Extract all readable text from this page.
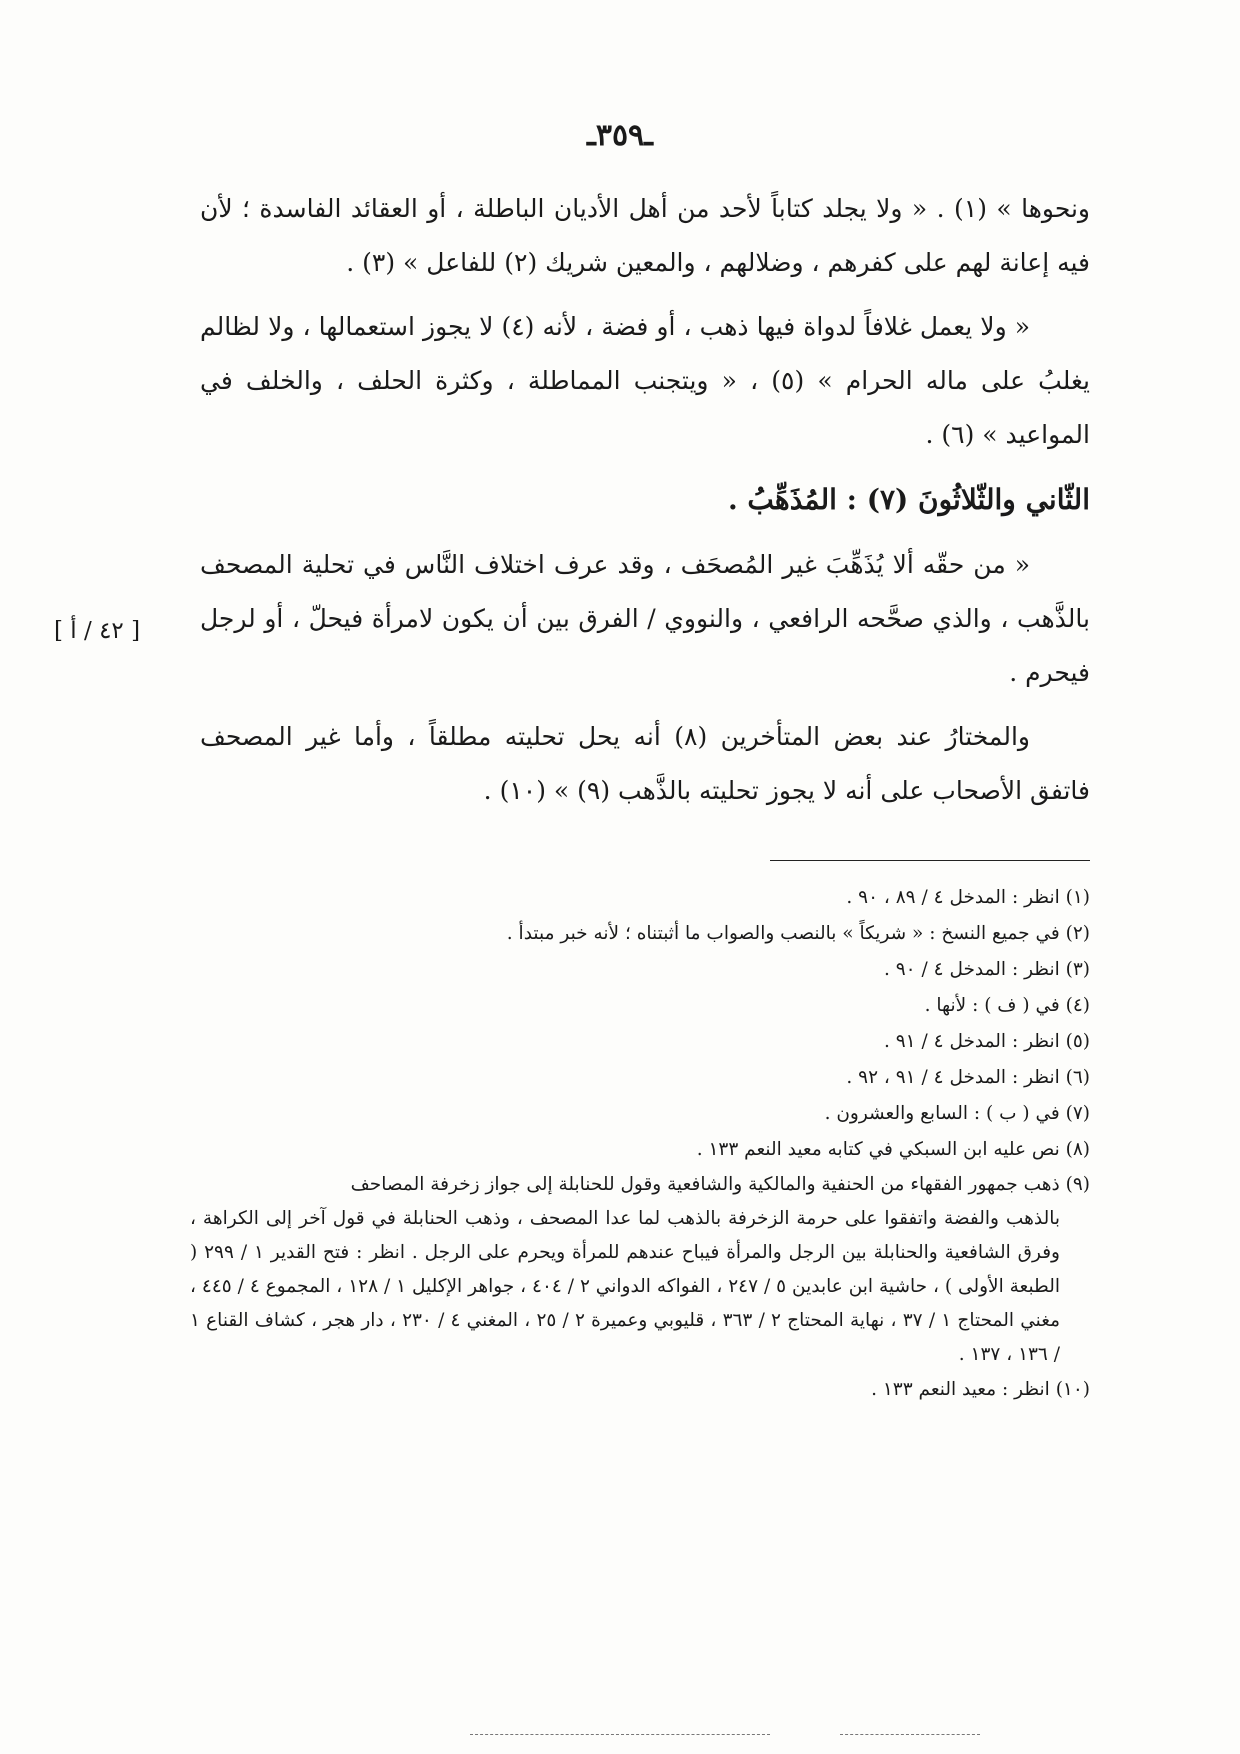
ـ٣٥٩ـ

ونحوها » (١) . « ولا يجلد كتاباً لأحد من أهل الأديان الباطلة ، أو العقائد الفاسدة ؛ لأن فيه إعانة لهم على كفرهم ، وضلالهم ، والمعين شريك (٢) للفاعل » (٣) .

« ولا يعمل غلافاً لدواة فيها ذهب ، أو فضة ، لأنه (٤) لا يجوز استعمالها ، ولا لظالم يغلبُ على ماله الحرام » (٥) ، « ويتجنب المماطلة ، وكثرة الحلف ، والخلف في المواعيد » (٦) .

الثّاني والثّلاثُونَ (٧) : المُذَهِّبُ .

« من حقّه ألا يُذَهِّبَ غير المُصحَف ، وقد عرف اختلاف النَّاس في تحلية المصحف بالذَّهب ، والذي صحَّحه الرافعي ، والنووي / الفرق بين أن يكون لامرأة فيحلّ ، أو لرجل فيحرم .

والمختارُ عند بعض المتأخرين (٨) أنه يحل تحليته مطلقاً ، وأما غير المصحف فاتفق الأصحاب على أنه لا يجوز تحليته بالذَّهب (٩) » (١٠) .

[ ٤٢ / أ ]

(١) انظر : المدخل ٤ / ٨٩ ، ٩٠ .

(٢) في جميع النسخ : « شريكاً » بالنصب والصواب ما أثبتناه ؛ لأنه خبر مبتدأ .

(٣) انظر : المدخل ٤ / ٩٠ .

(٤) في ( ف ) : لأنها .

(٥) انظر : المدخل ٤ / ٩١ .

(٦) انظر : المدخل ٤ / ٩١ ، ٩٢ .

(٧) في ( ب ) : السابع والعشرون .

(٨) نص عليه ابن السبكي في كتابه معيد النعم ١٣٣ .

(٩) ذهب جمهور الفقهاء من الحنفية والمالكية والشافعية وقول للحنابلة إلى جواز زخرفة المصاحف
بالذهب والفضة واتفقوا على حرمة الزخرفة بالذهب لما عدا المصحف ، وذهب الحنابلة في قول آخر إلى الكراهة ، وفرق الشافعية والحنابلة بين الرجل والمرأة فيباح عندهم للمرأة ويحرم على الرجل . انظر : فتح القدير ١ / ٢٩٩ ( الطبعة الأولى ) ، حاشية ابن عابدين ٥ / ٢٤٧ ، الفواكه الدواني ٢ / ٤٠٤ ، جواهر الإكليل ١ / ١٢٨ ، المجموع ٤ / ٤٤٥ ، مغني المحتاج ١ / ٣٧ ، نهاية المحتاج ٢ / ٣٦٣ ، قليوبي وعميرة ٢ / ٢٥ ، المغني ٤ / ٢٣٠ ، دار هجر ، كشاف القناع ١ / ١٣٦ ، ١٣٧ .

(١٠) انظر : معيد النعم ١٣٣ .
